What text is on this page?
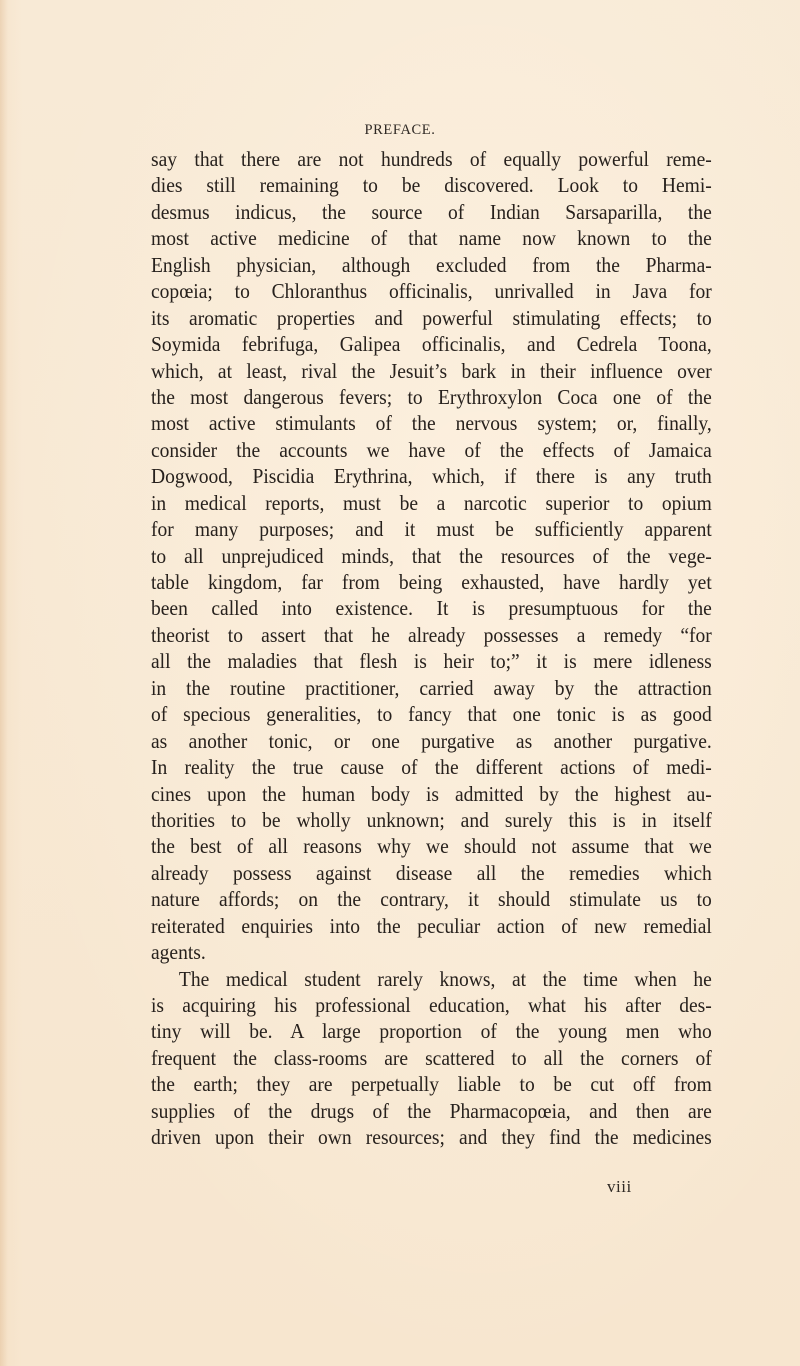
PREFACE.
say that there are not hundreds of equally powerful reme-
dies still remaining to be discovered. Look to Hemi-
desmus indicus, the source of Indian Sarsaparilla, the
most active medicine of that name now known to the
English physician, although excluded from the Pharma-
copœia; to Chloranthus officinalis, unrivalled in Java for
its aromatic properties and powerful stimulating effects; to
Soymida febrifuga, Galipea officinalis, and Cedrela Toona,
which, at least, rival the Jesuit’s bark in their influence over
the most dangerous fevers; to Erythroxylon Coca one of the
most active stimulants of the nervous system; or, finally,
consider the accounts we have of the effects of Jamaica
Dogwood, Piscidia Erythrina, which, if there is any truth
in medical reports, must be a narcotic superior to opium
for many purposes; and it must be sufficiently apparent
to all unprejudiced minds, that the resources of the vege-
table kingdom, far from being exhausted, have hardly yet
been called into existence. It is presumptuous for the
theorist to assert that he already possesses a remedy “for
all the maladies that flesh is heir to;” it is mere idleness
in the routine practitioner, carried away by the attraction
of specious generalities, to fancy that one tonic is as good
as another tonic, or one purgative as another purgative.
In reality the true cause of the different actions of medi-
cines upon the human body is admitted by the highest au-
thorities to be wholly unknown; and surely this is in itself
the best of all reasons why we should not assume that we
already possess against disease all the remedies which
nature affords; on the contrary, it should stimulate us to
reiterated enquiries into the peculiar action of new remedial
agents.
The medical student rarely knows, at the time when he
is acquiring his professional education, what his after des-
tiny will be. A large proportion of the young men who
frequent the class-rooms are scattered to all the corners of
the earth; they are perpetually liable to be cut off from
supplies of the drugs of the Pharmacopœia, and then are
driven upon their own resources; and they find the medicines
viii
